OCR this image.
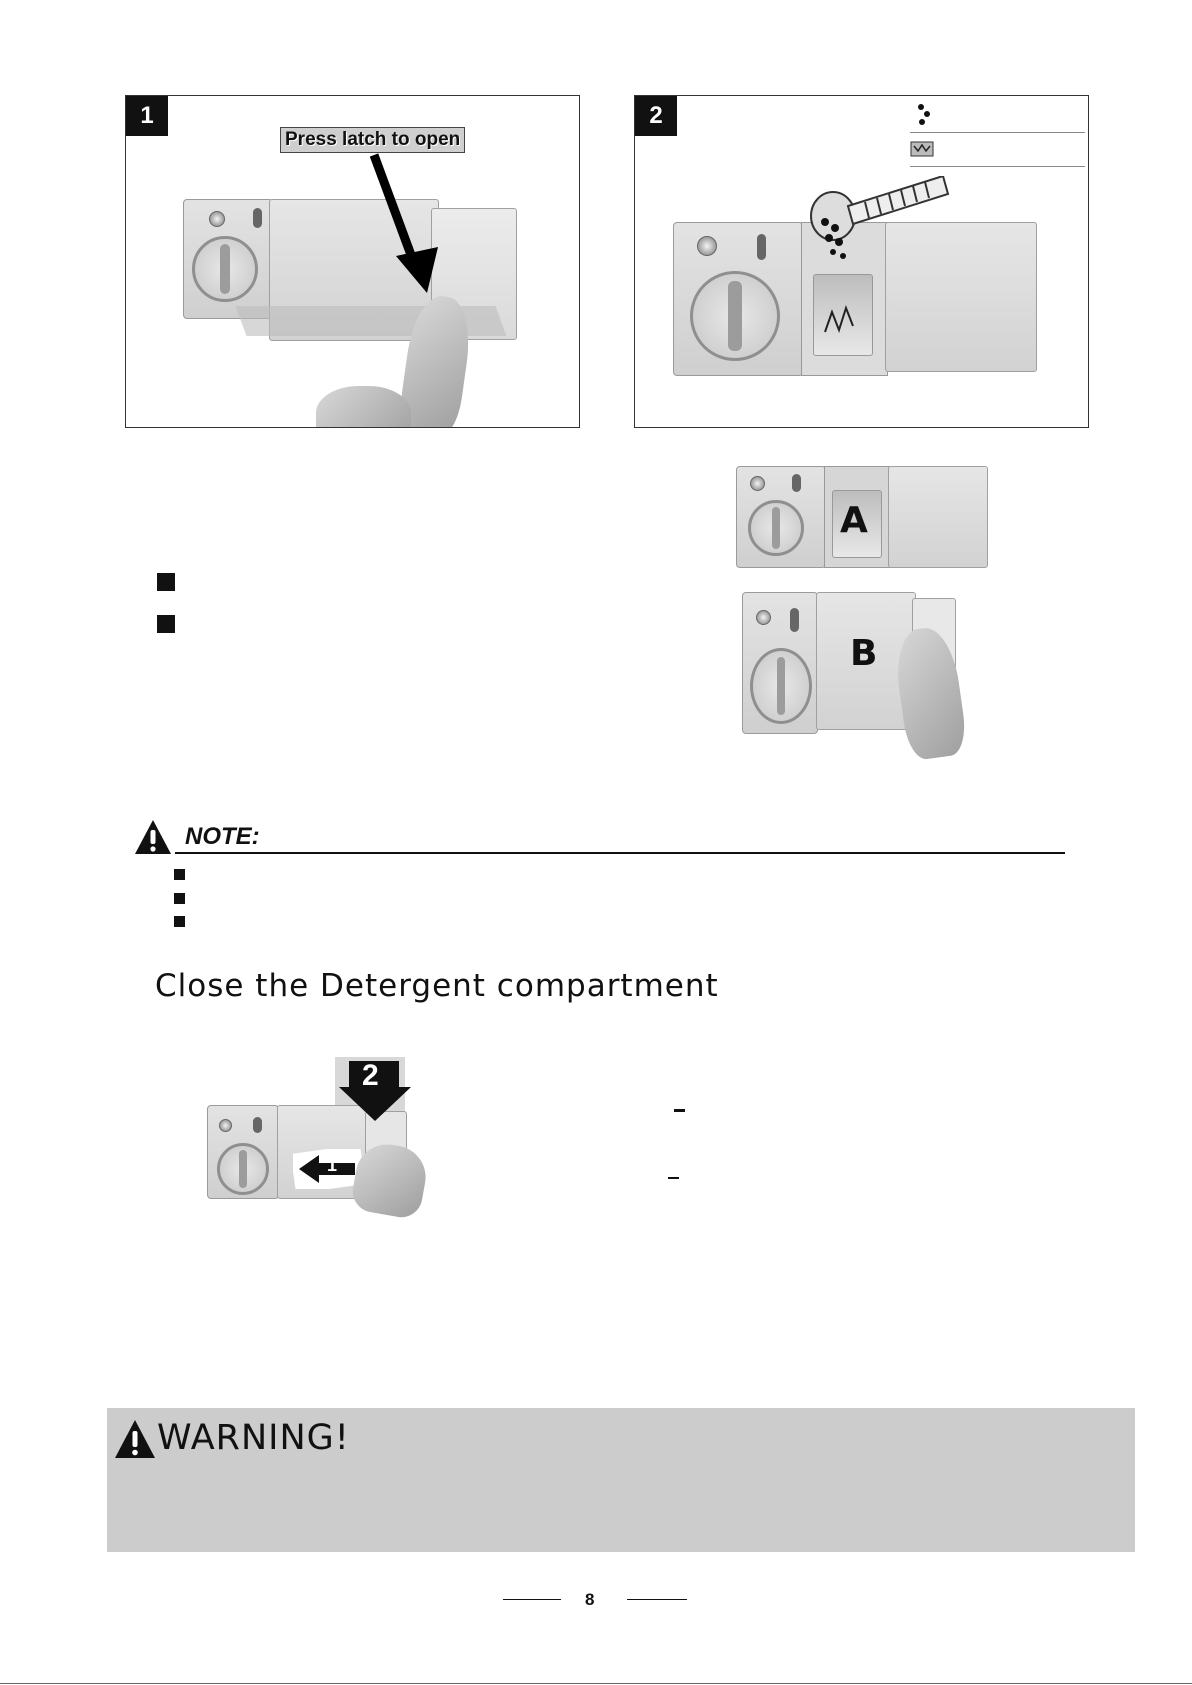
1
Press latch to open
2
A
B
NOTE:
Close the Detergent compartment
2
1
WARNING!
8
